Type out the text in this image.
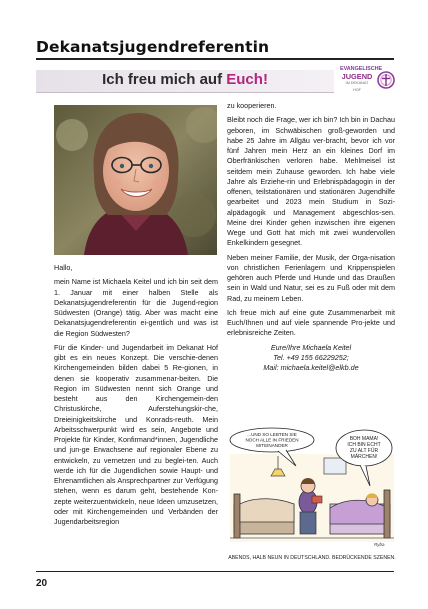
Dekanatsjugendreferentin
Ich freu mich auf Euch!
EVANGELISCHE
JUGEND
IM DEKANAT
HOF

Hallo,

mein Name ist Michaela Keitel und ich bin seit dem 1. Januar mit einer halben Stelle als Dekanatsjugendreferentin für die Jugend-region Südwesten (Orange) tätig. Aber was macht eine Dekanatsjugendreferentin ei-gentlich und was ist die Region Südwesten?

Für die Kinder- und Jugendarbeit im Dekanat Hof gibt es ein neues Konzept. Die verschie-denen Kirchengemeinden bilden dabei 5 Re-gionen, in denen sie kooperativ zusammenar-beiten. Die Region im Südwesten nennt sich Orange und besteht aus den Kirchengemein-den Christuskirche, Auferstehungskir-che, Dreieinigkeitskirche und Konrads-reuth. Mein Arbeitsschwerpunkt wird es sein, Angebote und Projekte für Kinder, Konfirmand*innen, Jugendliche und jun-ge Erwachsene auf regionaler Ebene zu entwickeln, zu vernetzen und zu beglei-ten. Auch werde ich für die Jugendlichen sowie Haupt- und Ehrenamtlichen als Ansprechpartner zur Verfügung stehen, wenn es darum geht, bestehende Kon-zepte weiterzuentwickeln, neue Ideen umzusetzen, oder mit Kirchengemeinden und Verbänden der Jugendarbeitsregion

zu kooperieren.

Bleibt noch die Frage, wer ich bin? Ich bin in Dachau geboren, im Schwäbischen groß-geworden und habe 25 Jahre im Allgäu ver-bracht, bevor ich vor fünf Jahren mein Herz an ein kleines Dorf im Oberfränkischen verloren habe. Mehlmeisel ist seitdem mein Zuhause geworden. Ich habe viele Jahre als Erziehe-rin und Erlebnispädagogin in der offenen, teilstationären und stationären Jugendhilfe gearbeitet und 2023 mein Studium in Sozi-alpädagogik und Management abgeschlos-sen. Meine drei Kinder gehen inzwischen ihre eigenen Wege und Gott hat mich mit zwei wundervollen Enkelkindern gesegnet.

Neben meiner Familie, der Musik, der Orga-nisation von christlichen Ferienlagern und Krippenspielen gehören auch Pferde und Hunde und das Draußen sein in Wald und Natur, sei es zu Fuß oder mit dem Rad, zu meinem Leben.

Ich freue mich auf eine gute Zusammenarbeit mit Euch/Ihnen und auf viele spannende Pro-jekte und erlebnisreiche Zeiten.

Eure/Ihre Michaela Keitel

Tel. +49 155 66229252;

Mail: michaela.keitel@elkb.de

...UND SO LEBTEN SIE
NOCH ALLE IN FRIEDEN
MITEINANDER
BOH MAMA!
ICH BIN ECHT
ZU ALT FÜR
MÄRCHEN!
Ryba
ABENDS, HALB NEUN IN DEUTSCHLAND. BEDRÜCKENDE SZENEN.
20
